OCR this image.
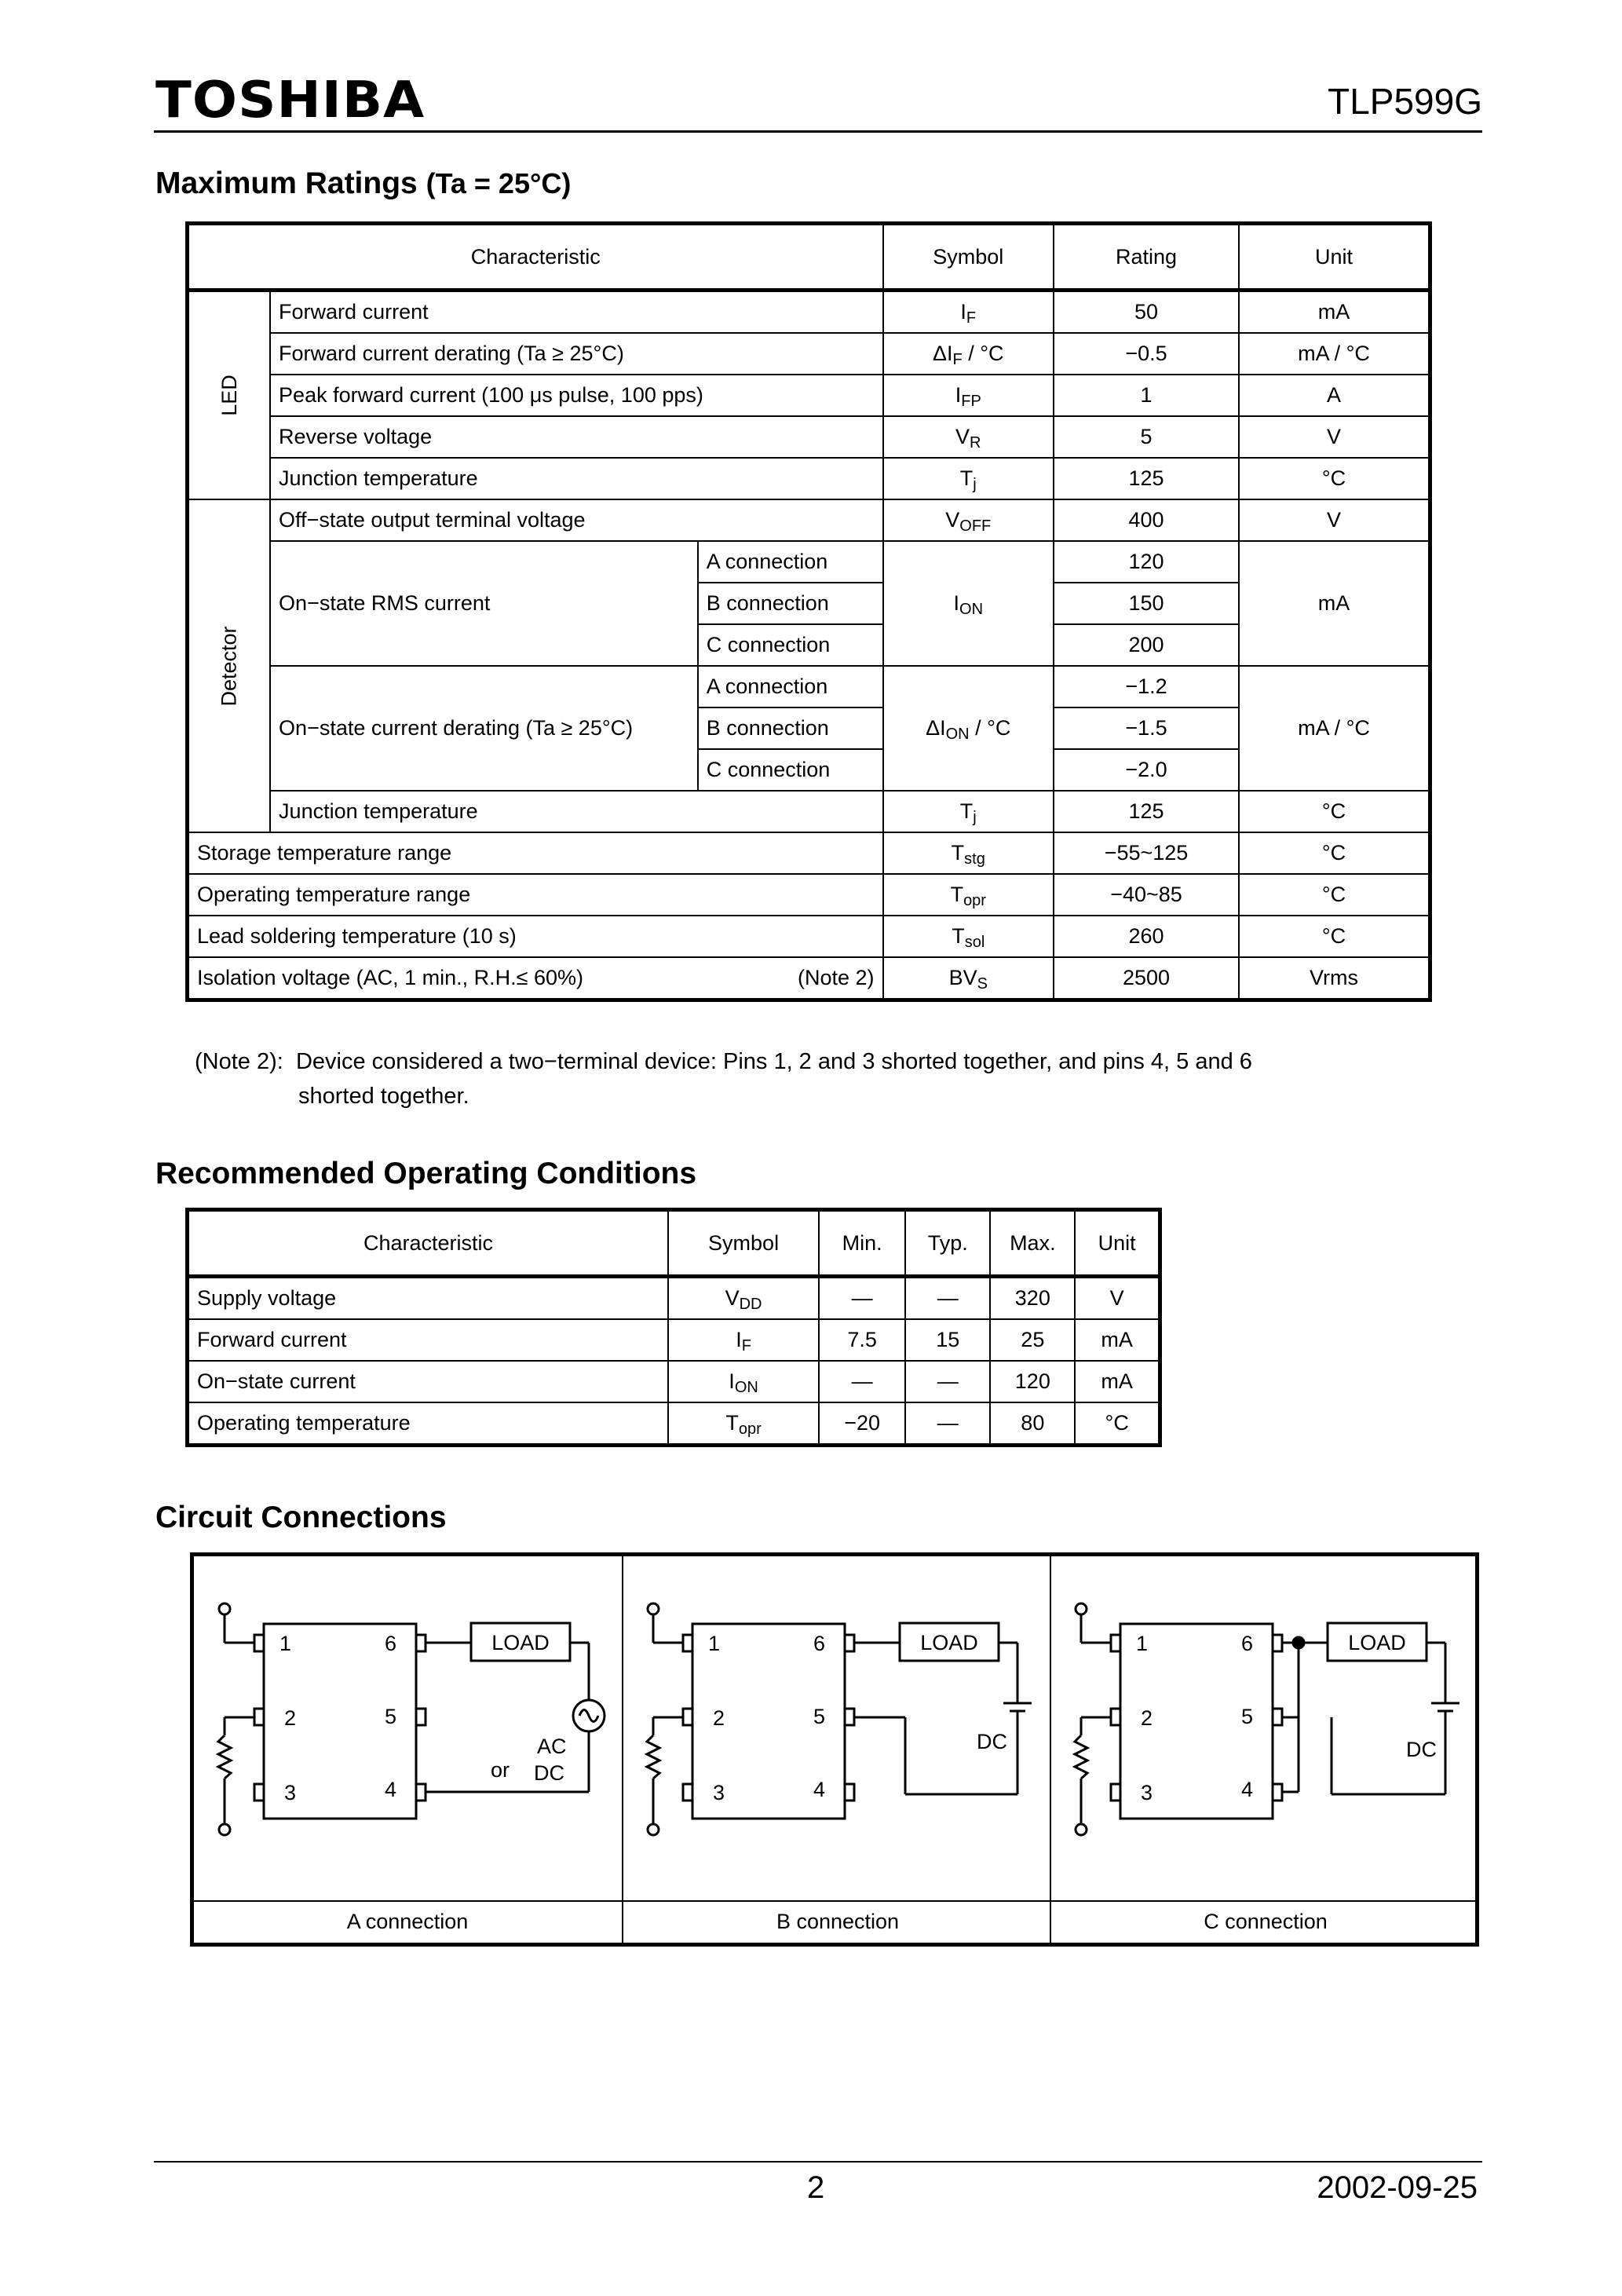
TOSHIBA	TLP599G
Maximum Ratings (Ta = 25°C)
Characteristic			Symbol	Rating	Unit
LED	Forward current		$I_F$	50	mA
	Forward current derating (Ta ≥ 25°C)		$\Delta I_F / ^\circ C$	−0.5	mA / °C
	Peak forward current (100 μs pulse, 100 pps)		$I_{FP}$	1	A
	Reverse voltage		$V_R$	5	V
	Junction temperature		$T_j$	125	°C
Detector	Off−state output terminal voltage		$V_{OFF}$	400	V
	On−state RMS current	A connection	$I_{ON}$	120	mA
		B connection		150	
		C connection		200	
	On−state current derating (Ta ≥ 25°C)	A connection	$\Delta I_{ON} / ^\circ C$	−1.2	mA / °C
		B connection		−1.5	
		C connection		−2.0	
	Junction temperature		$T_j$	125	°C
Storage temperature range			$T_{stg}$	−55~125	°C
Operating temperature range			$T_{opr}$	−40~85	°C
Lead soldering temperature (10 s)			$T_{sol}$	260	°C
Isolation voltage (AC, 1 min., R.H.≤ 60%) (Note 2)			$BV_S$	2500	Vrms
(Note 2): Device considered a two−terminal device: Pins 1, 2 and 3 shorted together, and pins 4, 5 and 6
shorted together.
Recommended Operating Conditions
Characteristic	Symbol	Min.	Typ.	Max.	Unit
Supply voltage	$V_{DD}$	—	—	320	V
Forward current	$I_F$	7.5	15	25	mA
On−state current	$I_{ON}$	—	—	120	mA
Operating temperature	$T_{opr}$	−20	—	80	°C
Circuit Connections
A connection	B connection	C connection
1
2
3	4
5
6	LOAD
AC
or DC
1
2
3	4
5
6	LOAD
DC
1
2
3	4
5
6	LOAD
DC
2	2002-09-25
